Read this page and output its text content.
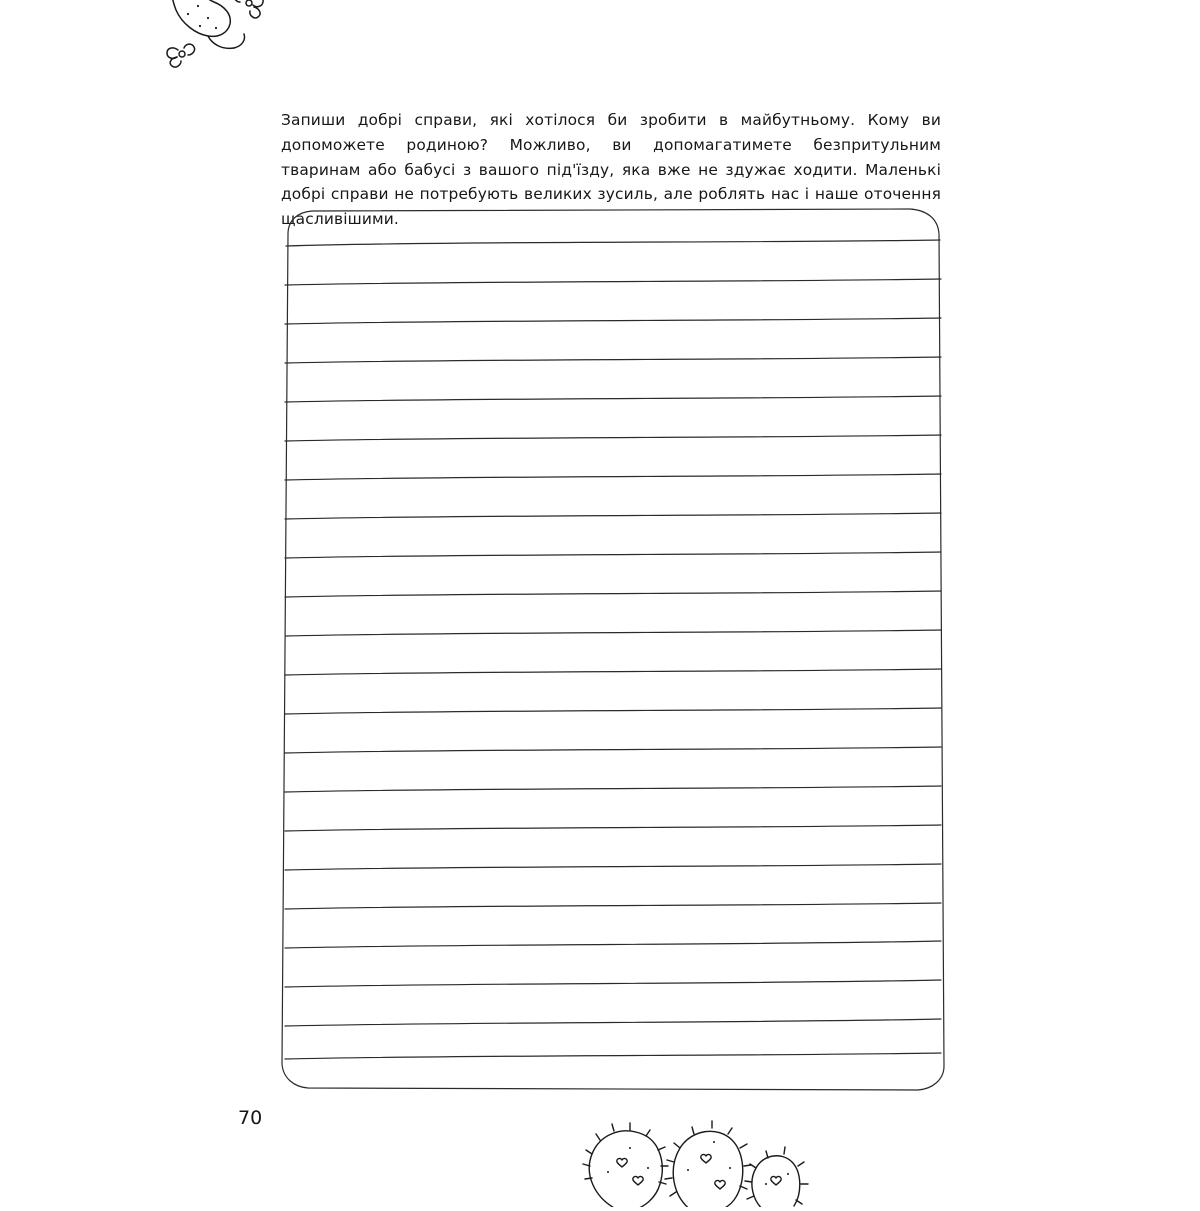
Запиши добрі справи, які хотілося би зробити в майбутньому. Кому ви допоможете родиною? Можливо, ви допомагатимете безпритульним тваринам або бабусі з вашого під'їзду, яка вже не здужає ходити. Маленькі добрі справи не потребують великих зусиль, але роблять нас і наше оточення щасливішими.

70
